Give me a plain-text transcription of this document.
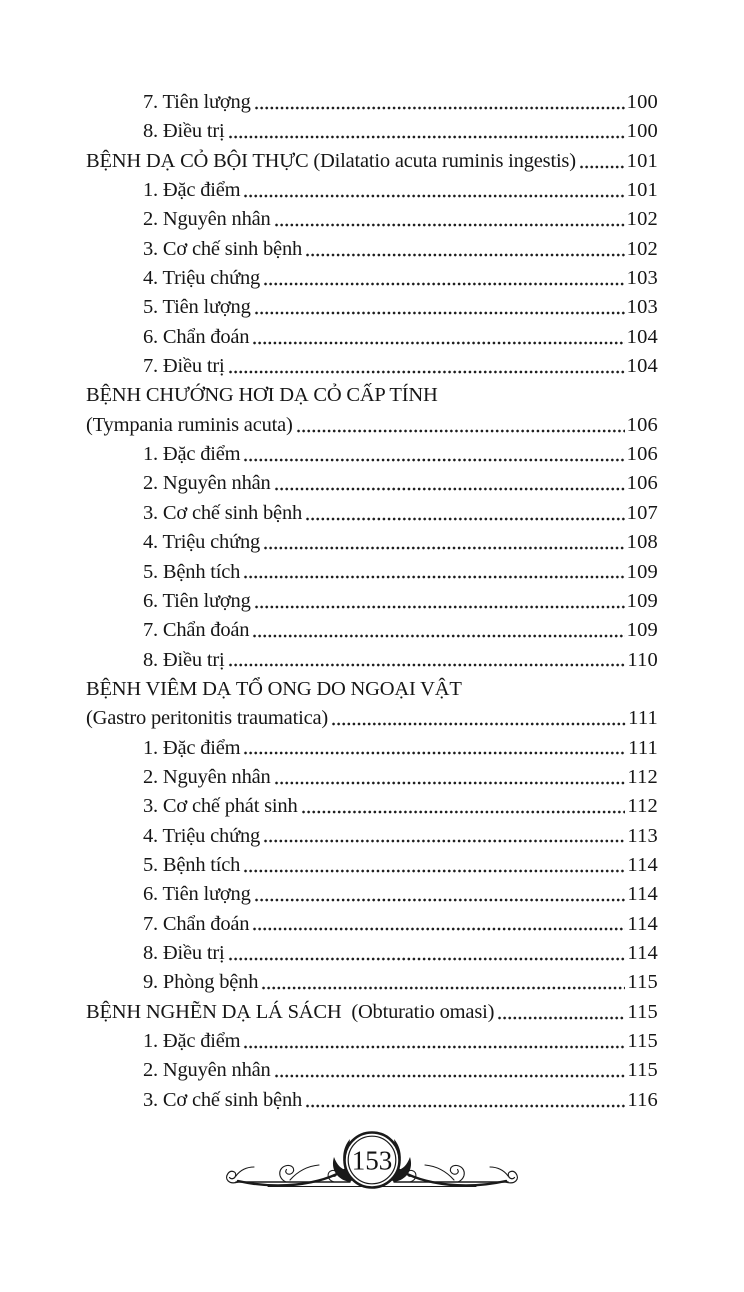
7. Tiên lượng	100
8. Điều trị	100
BỆNH DẠ CỎ BỘI THỰC (Dilatatio acuta ruminis ingestis) 101
1. Đặc điểm	101
2. Nguyên nhân	102
3. Cơ chế sinh bệnh	102
4. Triệu chứng	103
5. Tiên lượng	103
6. Chẩn đoán	104
7. Điều trị	104
BỆNH CHƯỚNG HƠI DẠ CỎ CẤP TÍNH
(Tympania ruminis acuta)	106
1. Đặc điểm	106
2. Nguyên nhân	106
3. Cơ chế sinh bệnh	107
4. Triệu chứng	108
5. Bệnh tích	109
6. Tiên lượng	109
7. Chẩn đoán	109
8. Điều trị	110
BỆNH VIÊM DẠ TỔ ONG DO NGOẠI VẬT
(Gastro peritonitis traumatica)	111
1. Đặc điểm	111
2. Nguyên nhân	112
3. Cơ chế phát sinh	112
4. Triệu chứng	113
5. Bệnh tích	114
6. Tiên lượng	114
7. Chẩn đoán	114
8. Điều trị	114
9. Phòng bệnh	115
BỆNH NGHẼN DẠ LÁ SÁCH  (Obturatio omasi)	115
1. Đặc điểm	115
2. Nguyên nhân	115
3. Cơ chế sinh bệnh	116
153
